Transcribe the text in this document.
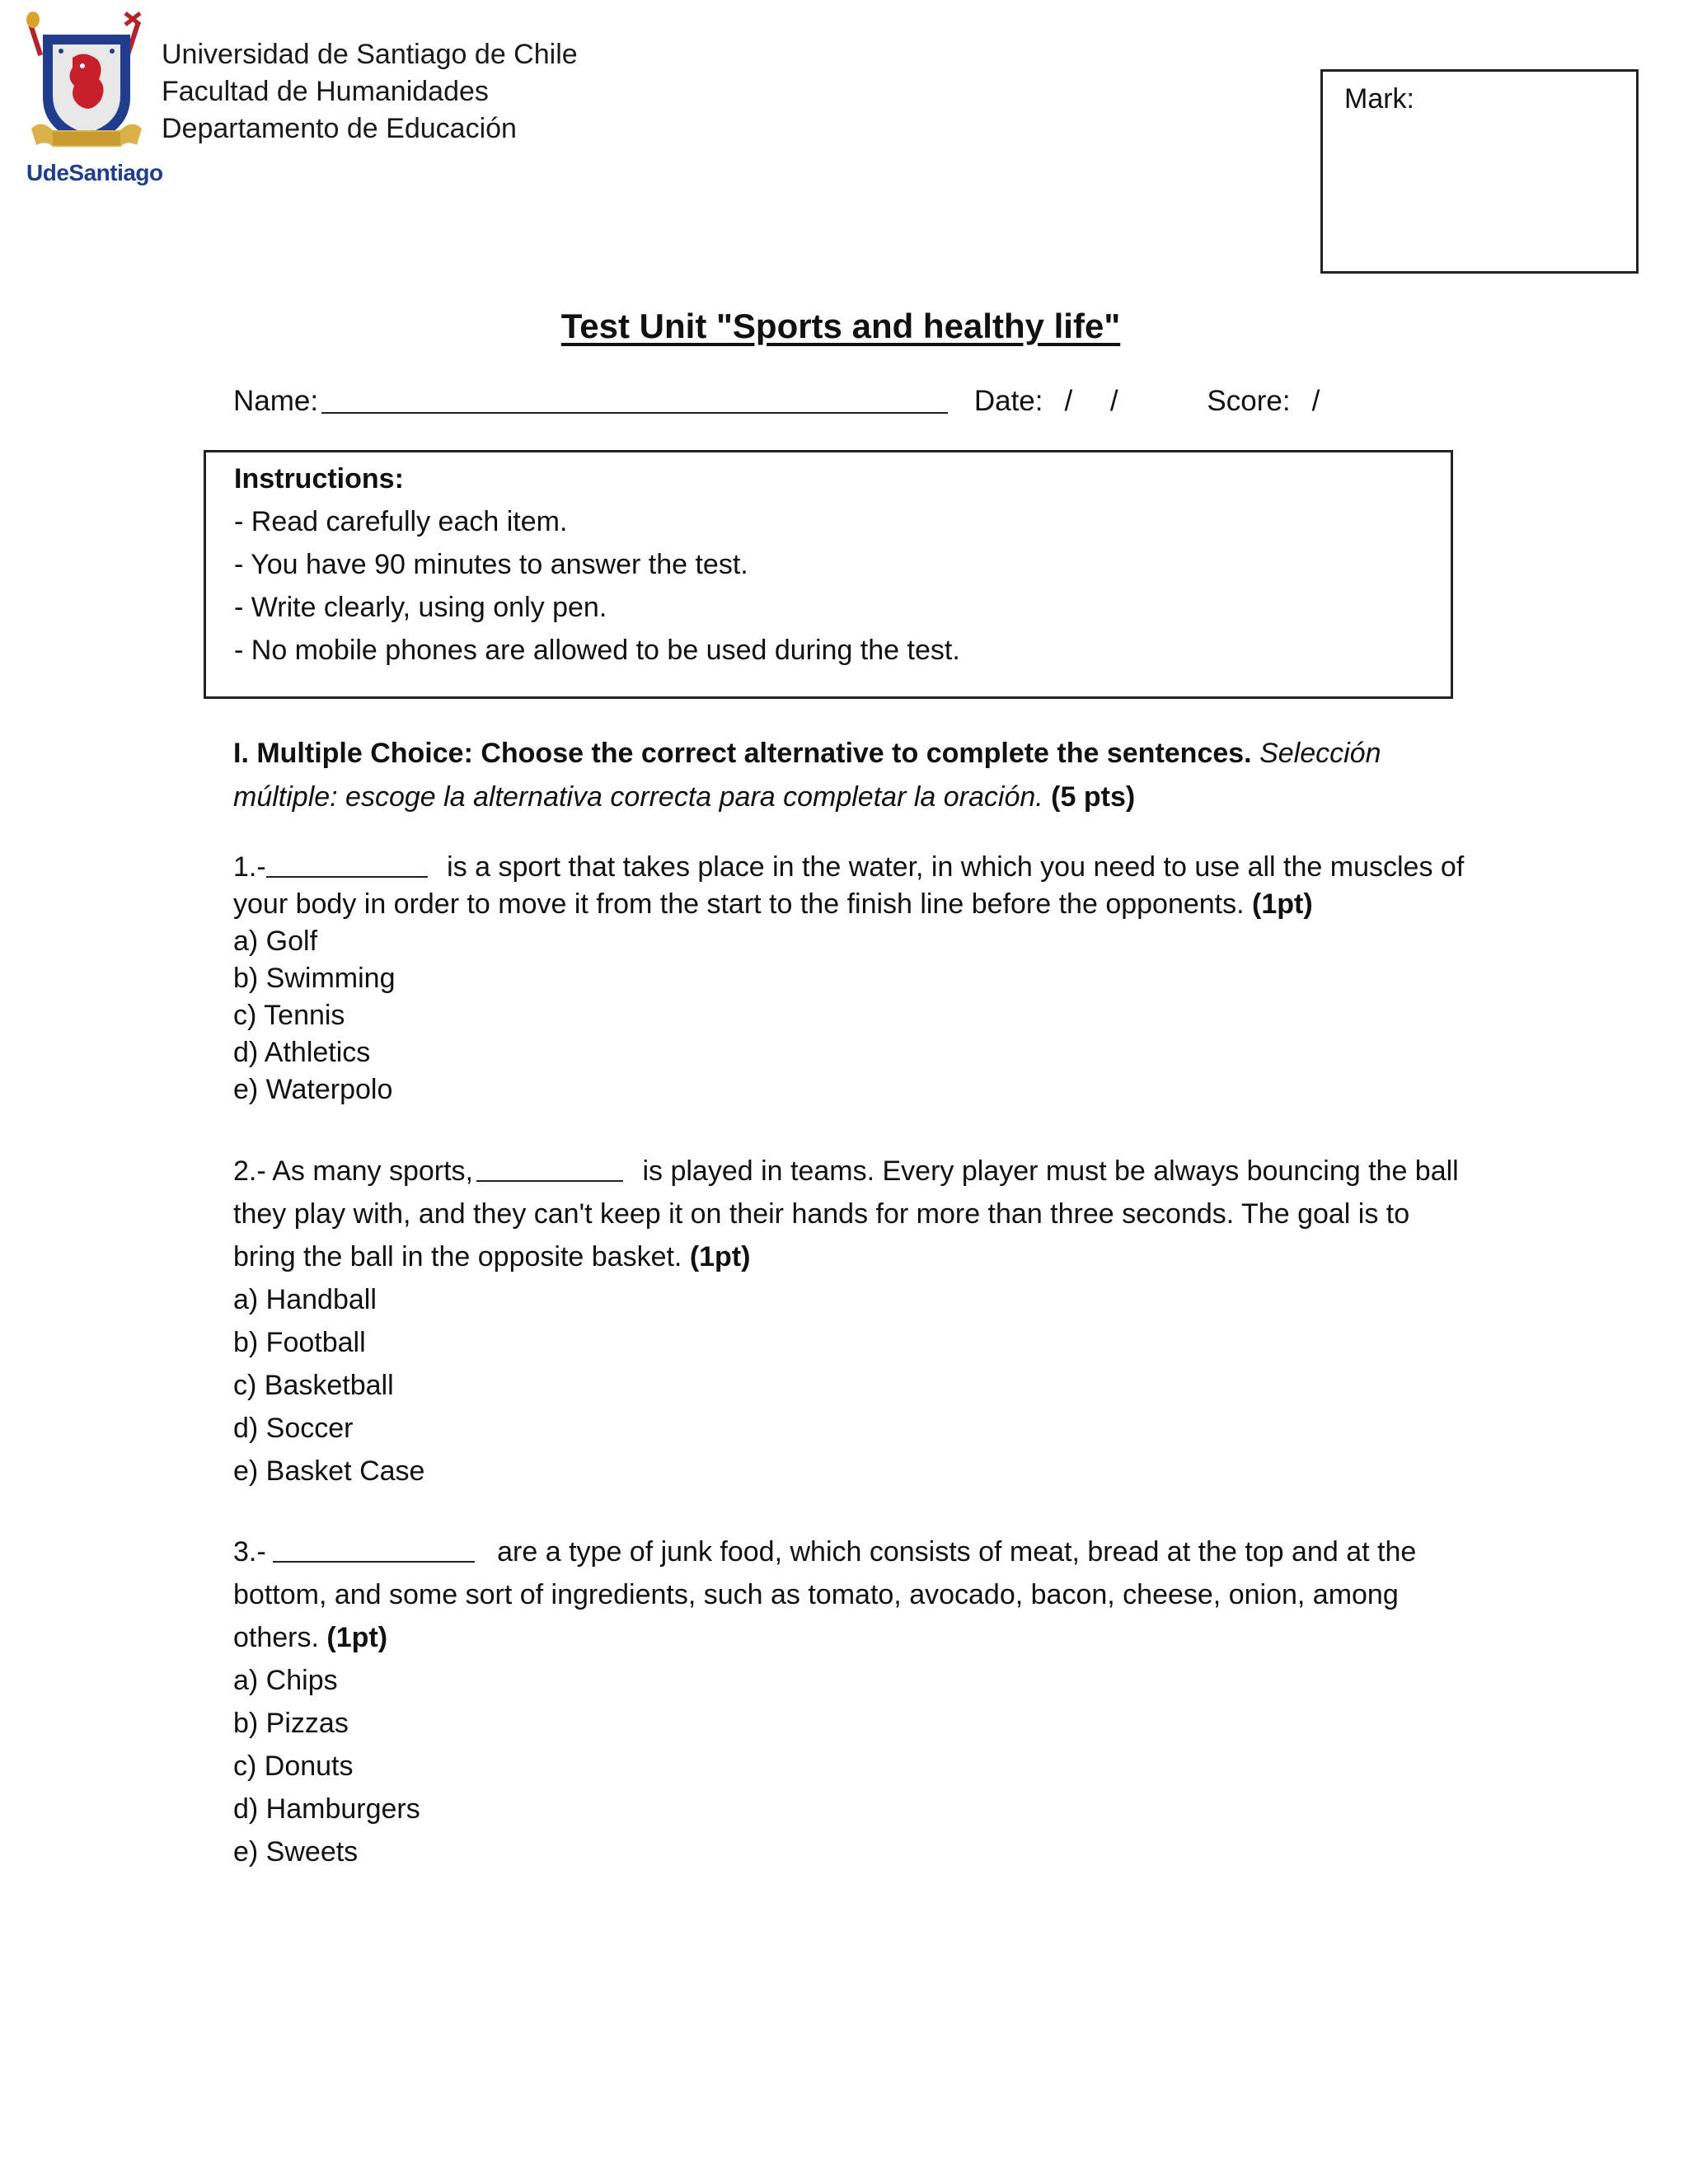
UdeSantiago
Universidad de Santiago de Chile
Facultad de Humanidades
Departamento de Educación
Mark:
Test Unit "Sports and healthy life"
Name:	Date: / /	Score: /
Instructions:
- Read carefully each item.
- You have 90 minutes to answer the test.
- Write clearly, using only pen.
- No mobile phones are allowed to be used during the test.
I. Multiple Choice: Choose the correct alternative to complete the sentences. Selección múltiple: escoge la alternativa correcta para completar la oración. (5 pts)
1.-	is a sport that takes place in the water, in which you need to use all the muscles of your body in order to move it from the start to the finish line before the opponents. (1pt)
a) Golf
b) Swimming
c) Tennis
d) Athletics
e) Waterpolo
2.- As many sports,	is played in teams. Every player must be always bouncing the ball they play with, and they can't keep it on their hands for more than three seconds. The goal is to bring the ball in the opposite basket. (1pt)
a) Handball
b) Football
c) Basketball
d) Soccer
e) Basket Case
3.-	are a type of junk food, which consists of meat, bread at the top and at the bottom, and some sort of ingredients, such as tomato, avocado, bacon, cheese, onion, among others. (1pt)
a) Chips
b) Pizzas
c) Donuts
d) Hamburgers
e) Sweets
